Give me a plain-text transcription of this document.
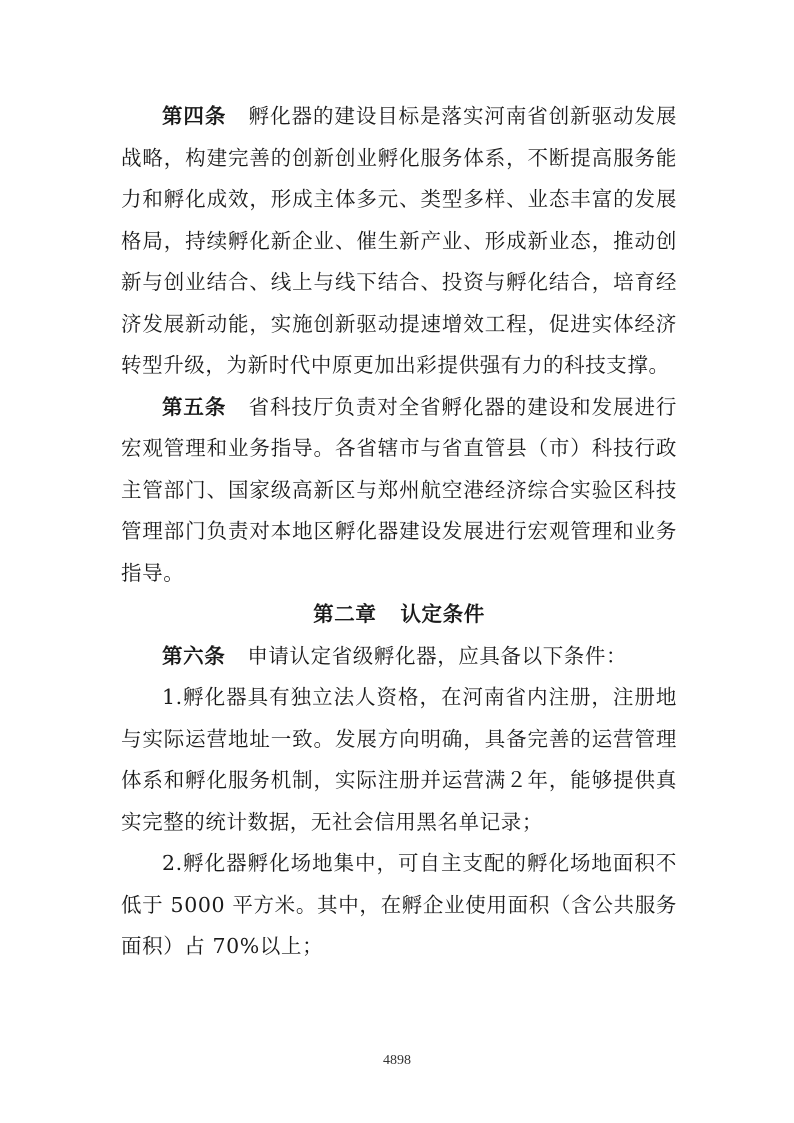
第四条 孵化器的建设目标是落实河南省创新驱动发展战略，构建完善的创新创业孵化服务体系，不断提高服务能力和孵化成效，形成主体多元、类型多样、业态丰富的发展格局，持续孵化新企业、催生新产业、形成新业态，推动创新与创业结合、线上与线下结合、投资与孵化结合，培育经济发展新动能，实施创新驱动提速增效工程，促进实体经济转型升级，为新时代中原更加出彩提供强有力的科技支撑。

第五条 省科技厅负责对全省孵化器的建设和发展进行宏观管理和业务指导。各省辖市与省直管县（市）科技行政主管部门、国家级高新区与郑州航空港经济综合实验区科技管理部门负责对本地区孵化器建设发展进行宏观管理和业务指导。

第二章 认定条件

第六条 申请认定省级孵化器，应具备以下条件：

1.孵化器具有独立法人资格，在河南省内注册，注册地与实际运营地址一致。发展方向明确，具备完善的运营管理体系和孵化服务机制，实际注册并运营满２年，能够提供真实完整的统计数据，无社会信用黑名单记录；

2.孵化器孵化场地集中，可自主支配的孵化场地面积不低于 5000 平方米。其中，在孵企业使用面积（含公共服务面积）占 70%以上；

4898
